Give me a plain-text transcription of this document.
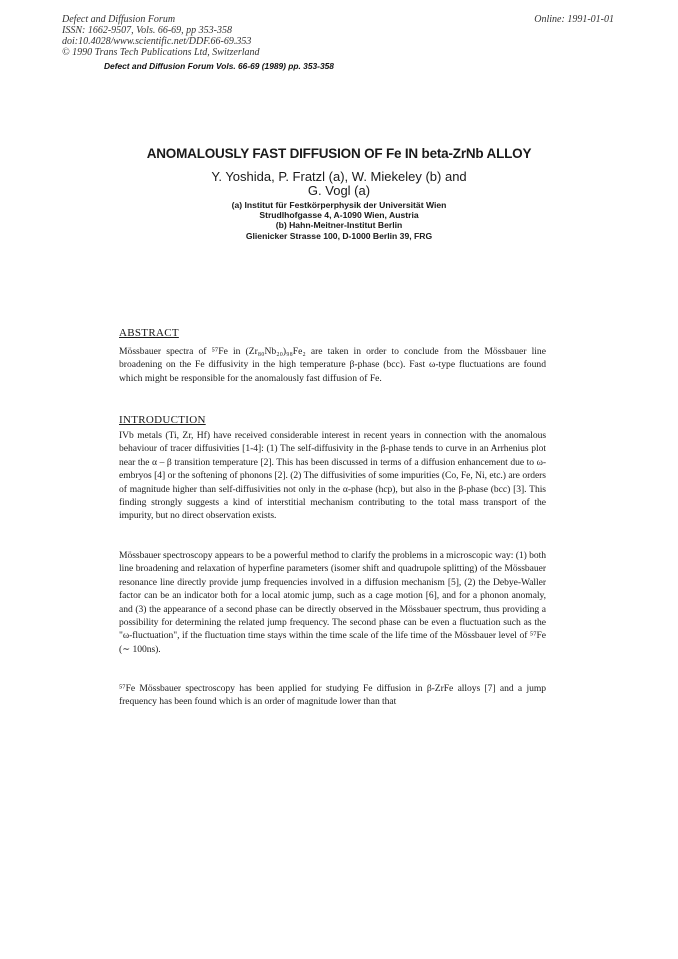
Defect and Diffusion Forum
ISSN: 1662-9507, Vols. 66-69, pp 353-358
doi:10.4028/www.scientific.net/DDF.66-69.353
© 1990 Trans Tech Publications Ltd, Switzerland
Online: 1991-01-01
Defect and Diffusion Forum Vols. 66-69 (1989) pp. 353-358
ANOMALOUSLY FAST DIFFUSION OF Fe IN beta-ZrNb ALLOY
Y. Yoshida, P. Fratzl (a), W. Miekeley (b) and
G. Vogl (a)
(a) Institut für Festkörperphysik der Universität Wien
Strudlhofgasse 4, A-1090 Wien, Austria
(b) Hahn-Meitner-Institut Berlin
Glienicker Strasse 100, D-1000 Berlin 39, FRG
ABSTRACT
Mössbauer spectra of ⁵⁷Fe in (Zr₈₀Nb₂₀)₉₈Fe₂ are taken in order to conclude from the Mössbauer line broadening on the Fe diffusivity in the high temperature β-phase (bcc). Fast ω-type fluctuations are found which might be responsible for the anomalously fast diffusion of Fe.
INTRODUCTION
IVb metals (Ti, Zr, Hf) have received considerable interest in recent years in connection with the anomalous behaviour of tracer diffusivities [1-4]: (1) The self-diffusivity in the β-phase tends to curve in an Arrhenius plot near the α – β transition temperature [2]. This has been discussed in terms of a diffusion enhancement due to ω-embryos [4] or the softening of phonons [2]. (2) The diffusivities of some impurities (Co, Fe, Ni, etc.) are orders of magnitude higher than self-diffusivities not only in the α-phase (hcp), but also in the β-phase (bcc) [3]. This finding strongly suggests a kind of interstitial mechanism contributing to the total mass transport of the impurity, but no direct observation exists.
Mössbauer spectroscopy appears to be a powerful method to clarify the problems in a microscopic way: (1) both line broadening and relaxation of hyperfine parameters (isomer shift and quadrupole splitting) of the Mössbauer resonance line directly provide jump frequencies involved in a diffusion mechanism [5], (2) the Debye-Waller factor can be an indicator both for a local atomic jump, such as a cage motion [6], and for a phonon anomaly, and (3) the appearance of a second phase can be directly observed in the Mössbauer spectrum, thus providing a possibility for determining the related jump frequency. The second phase can be even a fluctuation such as the "ω-fluctuation", if the fluctuation time stays within the time scale of the life time of the Mössbauer level of ⁵⁷Fe (∼ 100ns).
⁵⁷Fe Mössbauer spectroscopy has been applied for studying Fe diffusion in β-ZrFe alloys [7] and a jump frequency has been found which is an order of magnitude lower than that
